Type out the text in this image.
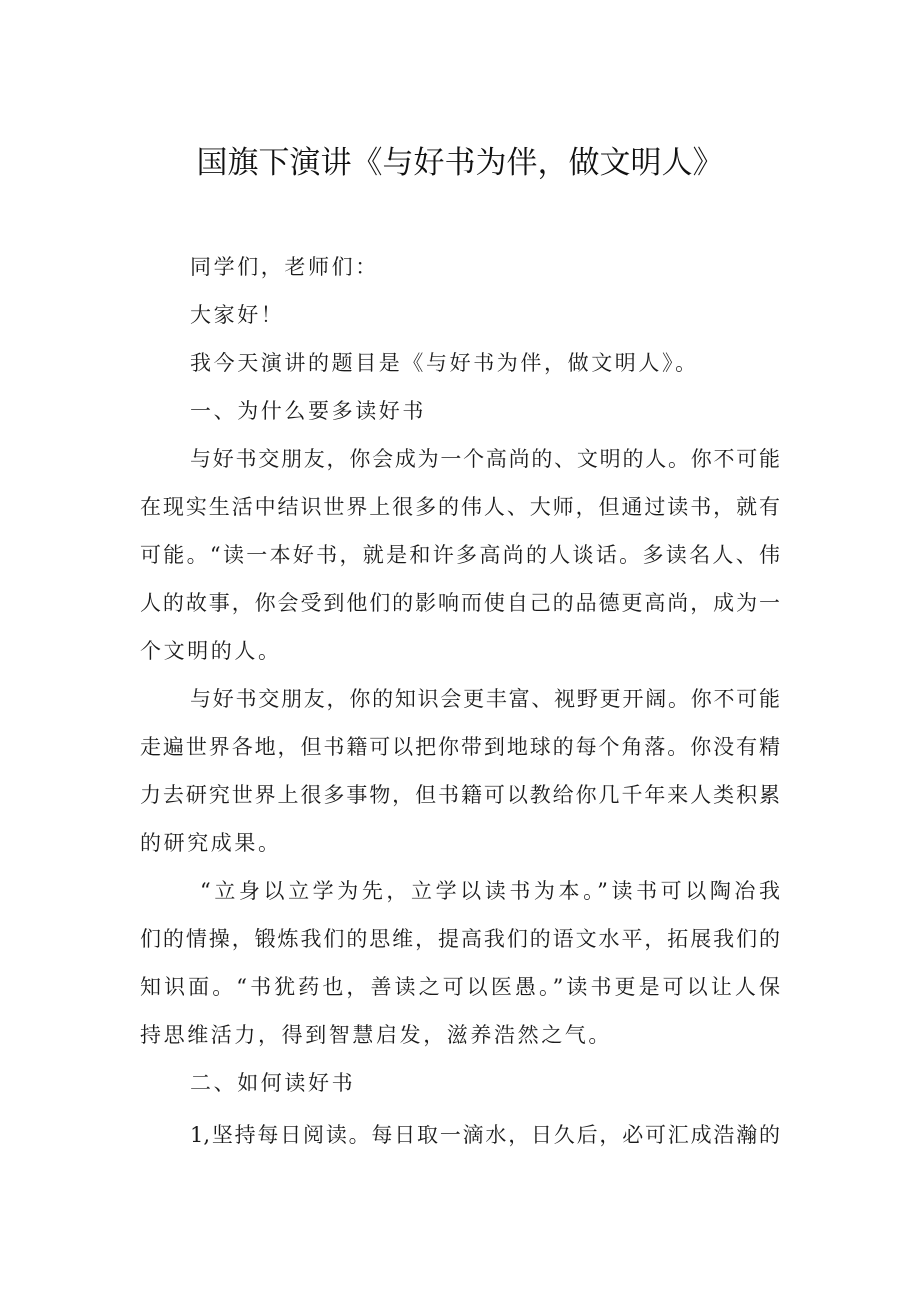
国旗下演讲《与好书为伴，做文明人》
同学们，老师们：
大家好！
我今天演讲的题目是《与好书为伴，做文明人》。
一、为什么要多读好书
与好书交朋友，你会成为一个高尚的、文明的人。你不可能
在现实生活中结识世界上很多的伟人、大师，但通过读书，就有
可能。“读一本好书，就是和许多高尚的人谈话。多读名人、伟
人的故事，你会受到他们的影响而使自己的品德更高尚，成为一
个文明的人。
与好书交朋友，你的知识会更丰富、视野更开阔。你不可能
走遍世界各地，但书籍可以把你带到地球的每个角落。你没有精
力去研究世界上很多事物，但书籍可以教给你几千年来人类积累
的研究成果。
“立身以立学为先，立学以读书为本。”读书可以陶冶我
们的情操，锻炼我们的思维，提高我们的语文水平，拓展我们的
知识面。“书犹药也，善读之可以医愚。”读书更是可以让人保
持思维活力，得到智慧启发，滋养浩然之气。
二、如何读好书
1,坚持每日阅读。每日取一滴水，日久后，必可汇成浩瀚的
